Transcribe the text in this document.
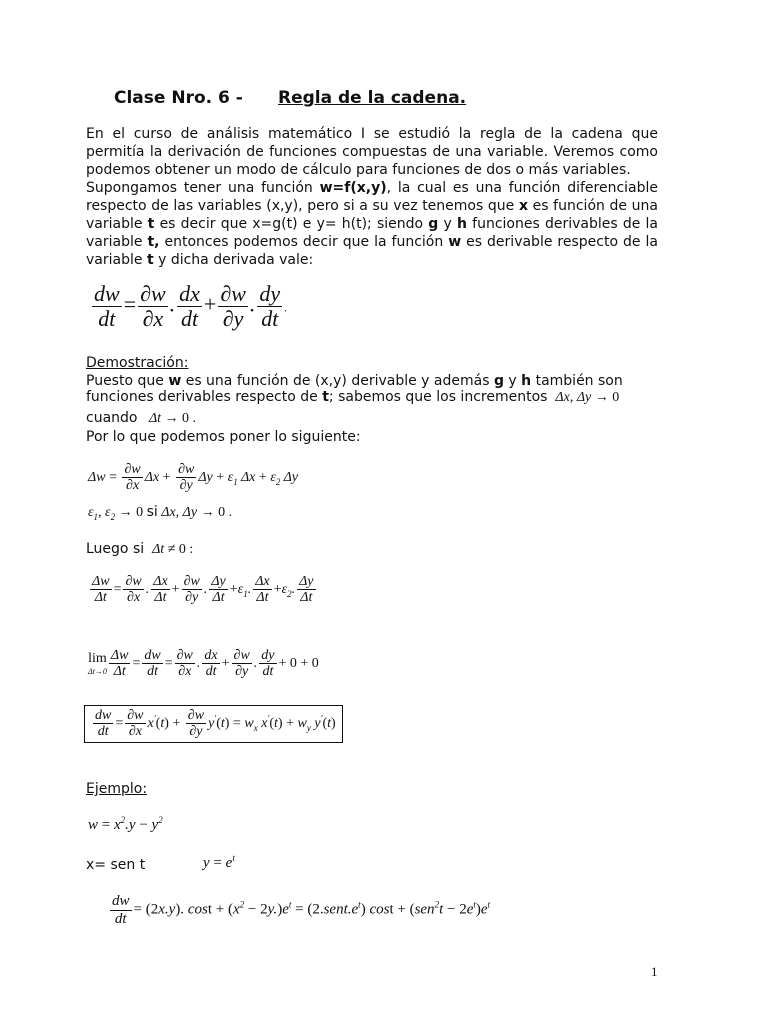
Clase Nro. 6 - Regla de la cadena.
En el curso de análisis matemático I se estudió la regla de la cadena que permitía la derivación de funciones compuestas de una variable. Veremos como podemos obtener un modo de cálculo para funciones de dos o más variables.
Supongamos tener una función w=f(x,y), la cual es una función diferenciable respecto de las variables (x,y), pero si a su vez tenemos que x es función de una variable t es decir que x=g(t) e y= h(t); siendo g y h funciones derivables de la variable t, entonces podemos decir que la función w es derivable respecto de la variable t y dicha derivada vale:
$\frac{dw}{dt} = \frac{\partial w}{\partial x}$ . $\frac{dx}{dt} + \frac{\partial w}{\partial y}$ . $\frac{dy}{dt}$ .
Demostración:
Puesto que w es una función de (x,y) derivable y además g y h también son
funciones derivables respecto de t; sabemos que los incrementos  Δx, Δy → 0
cuando   Δt → 0 .
Por lo que podemos poner lo siguiente:
$\Delta w = \frac{\partial w}{\partial x}$ $\Delta x + \frac{\partial w}{\partial y}$ $\Delta y + \varepsilon_1$ $\Delta x + \varepsilon_2$ Δy
$\varepsilon_1$, $\varepsilon_2 \to 0$ si Δx, Δy → 0 .
Luego si  Δt ≠ 0 :
$\frac{\Delta w}{\Delta t} = \frac{\partial w}{\partial x}$ . $\frac{\Delta x}{\Delta t} + \frac{\partial w}{\partial y}$ . $\frac{\Delta y}{\Delta t} +\varepsilon_1$. $\frac{\Delta x}{\Delta t} +\varepsilon_2$. $\frac{\Delta y}{\Delta t}$
lim
$\Delta t\to 0 \frac{\Delta w}{\Delta t} = \frac{dw}{dt} = \frac{\partial w}{\partial x}$ . $\frac{dx}{dt} + \frac{\partial w}{\partial y}$ . $\frac{dy}{dt} + 0 + 0$
$\frac{dw}{dt} = \frac{\partial w}{\partial x} x'(t) + \frac{\partial w}{\partial y} y'(t) = w_x$ $x'(t) + w_y$ y'(t)
Ejemplo:
$w = x^2.y - y^2$
x= sen t	$y = e^t$
$\frac{dw}{dt} = (2x.y)$. $\cos t + (x^2 - 2y.)e^t$ = $(2.sent.e^t) \cos t + (sen^2t - 2e^t)e^t$
1
